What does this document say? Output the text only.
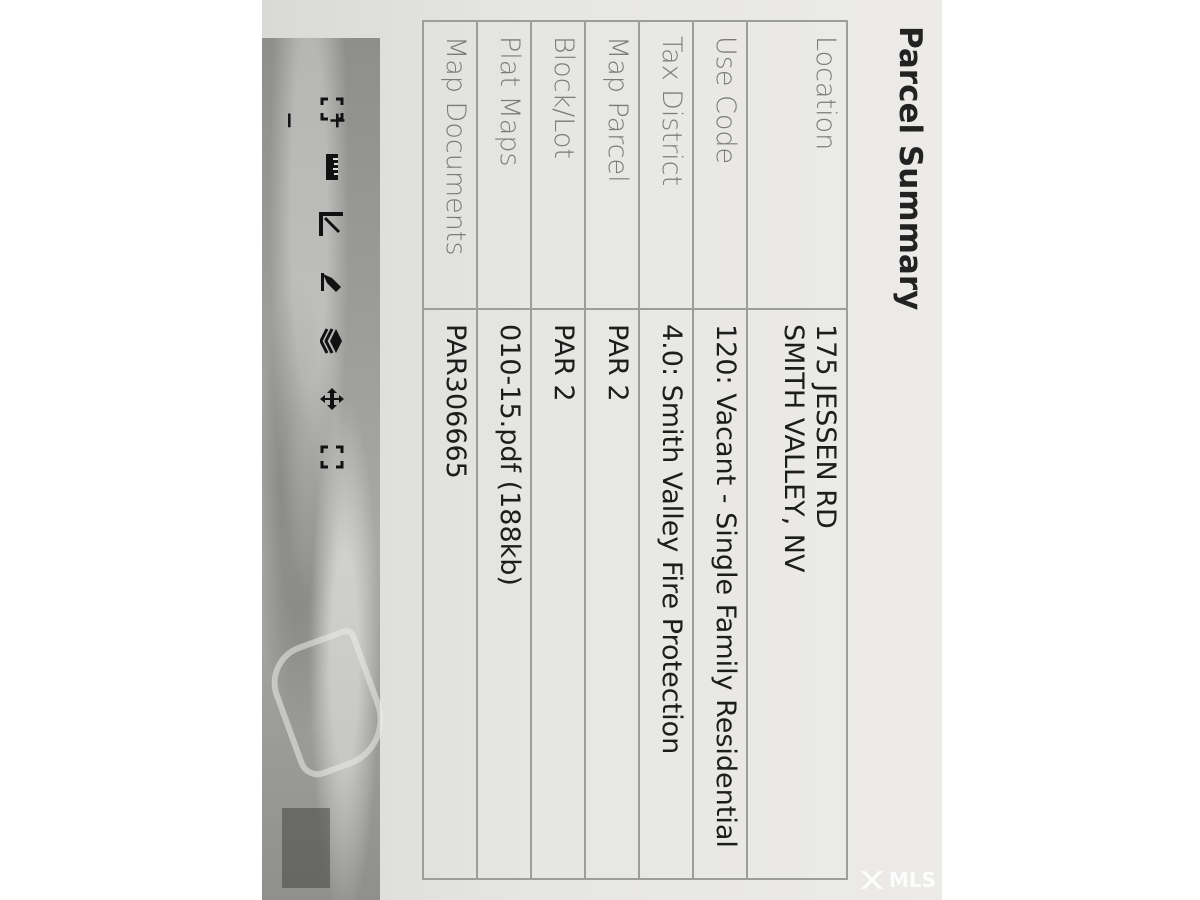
+
−	Parcel Summary
Location	175 JESSEN RD
SMITH VALLEY, NV

Use Code	120: Vacant - Single Family Residential
Tax District	4.0: Smith Valley Fire Protection
Map Parcel	PAR 2
Block/Lot	PAR 2
Plat Maps	010-15.pdf (188kb)
Map Documents	PAR306665
MLS
